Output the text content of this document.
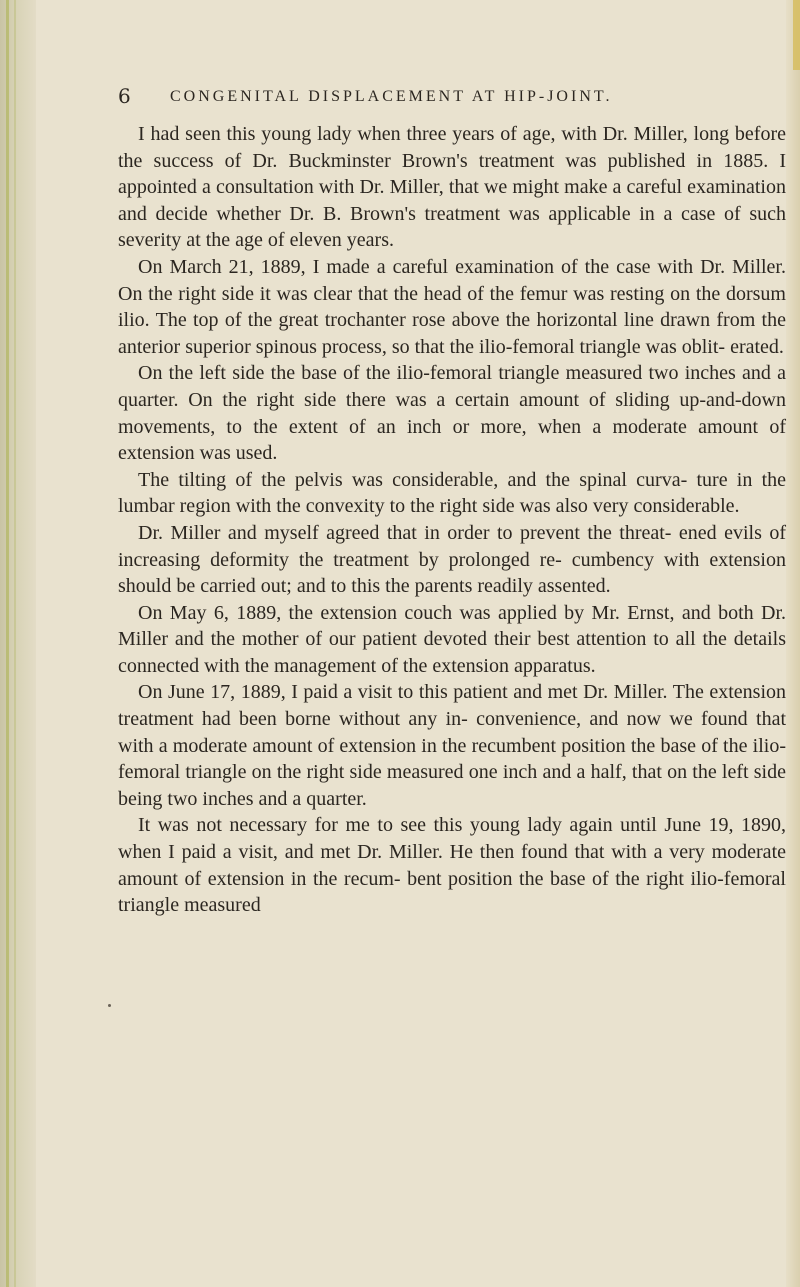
6 CONGENITAL DISPLACEMENT AT HIP-JOINT.

I had seen this young lady when three years of age, with Dr. Miller, long before the success of Dr. Buckminster Brown's treatment was published in 1885. I appointed a consultation with Dr. Miller, that we might make a careful examination and decide whether Dr. B. Brown's treatment was applicable in a case of such severity at the age of eleven years.

On March 21, 1889, I made a careful examination of the case with Dr. Miller. On the right side it was clear that the head of the femur was resting on the dorsum ilio. The top of the great trochanter rose above the horizontal line drawn from the anterior superior spinous process, so that the ilio-femoral triangle was oblit- erated.

On the left side the base of the ilio-femoral triangle measured two inches and a quarter. On the right side there was a certain amount of sliding up-and-down movements, to the extent of an inch or more, when a moderate amount of extension was used.

The tilting of the pelvis was considerable, and the spinal curva- ture in the lumbar region with the convexity to the right side was also very considerable.

Dr. Miller and myself agreed that in order to prevent the threat- ened evils of increasing deformity the treatment by prolonged re- cumbency with extension should be carried out; and to this the parents readily assented.

On May 6, 1889, the extension couch was applied by Mr. Ernst, and both Dr. Miller and the mother of our patient devoted their best attention to all the details connected with the management of the extension apparatus.

On June 17, 1889, I paid a visit to this patient and met Dr. Miller. The extension treatment had been borne without any in- convenience, and now we found that with a moderate amount of extension in the recumbent position the base of the ilio-femoral triangle on the right side measured one inch and a half, that on the left side being two inches and a quarter.

It was not necessary for me to see this young lady again until June 19, 1890, when I paid a visit, and met Dr. Miller. He then found that with a very moderate amount of extension in the recum- bent position the base of the right ilio-femoral triangle measured
